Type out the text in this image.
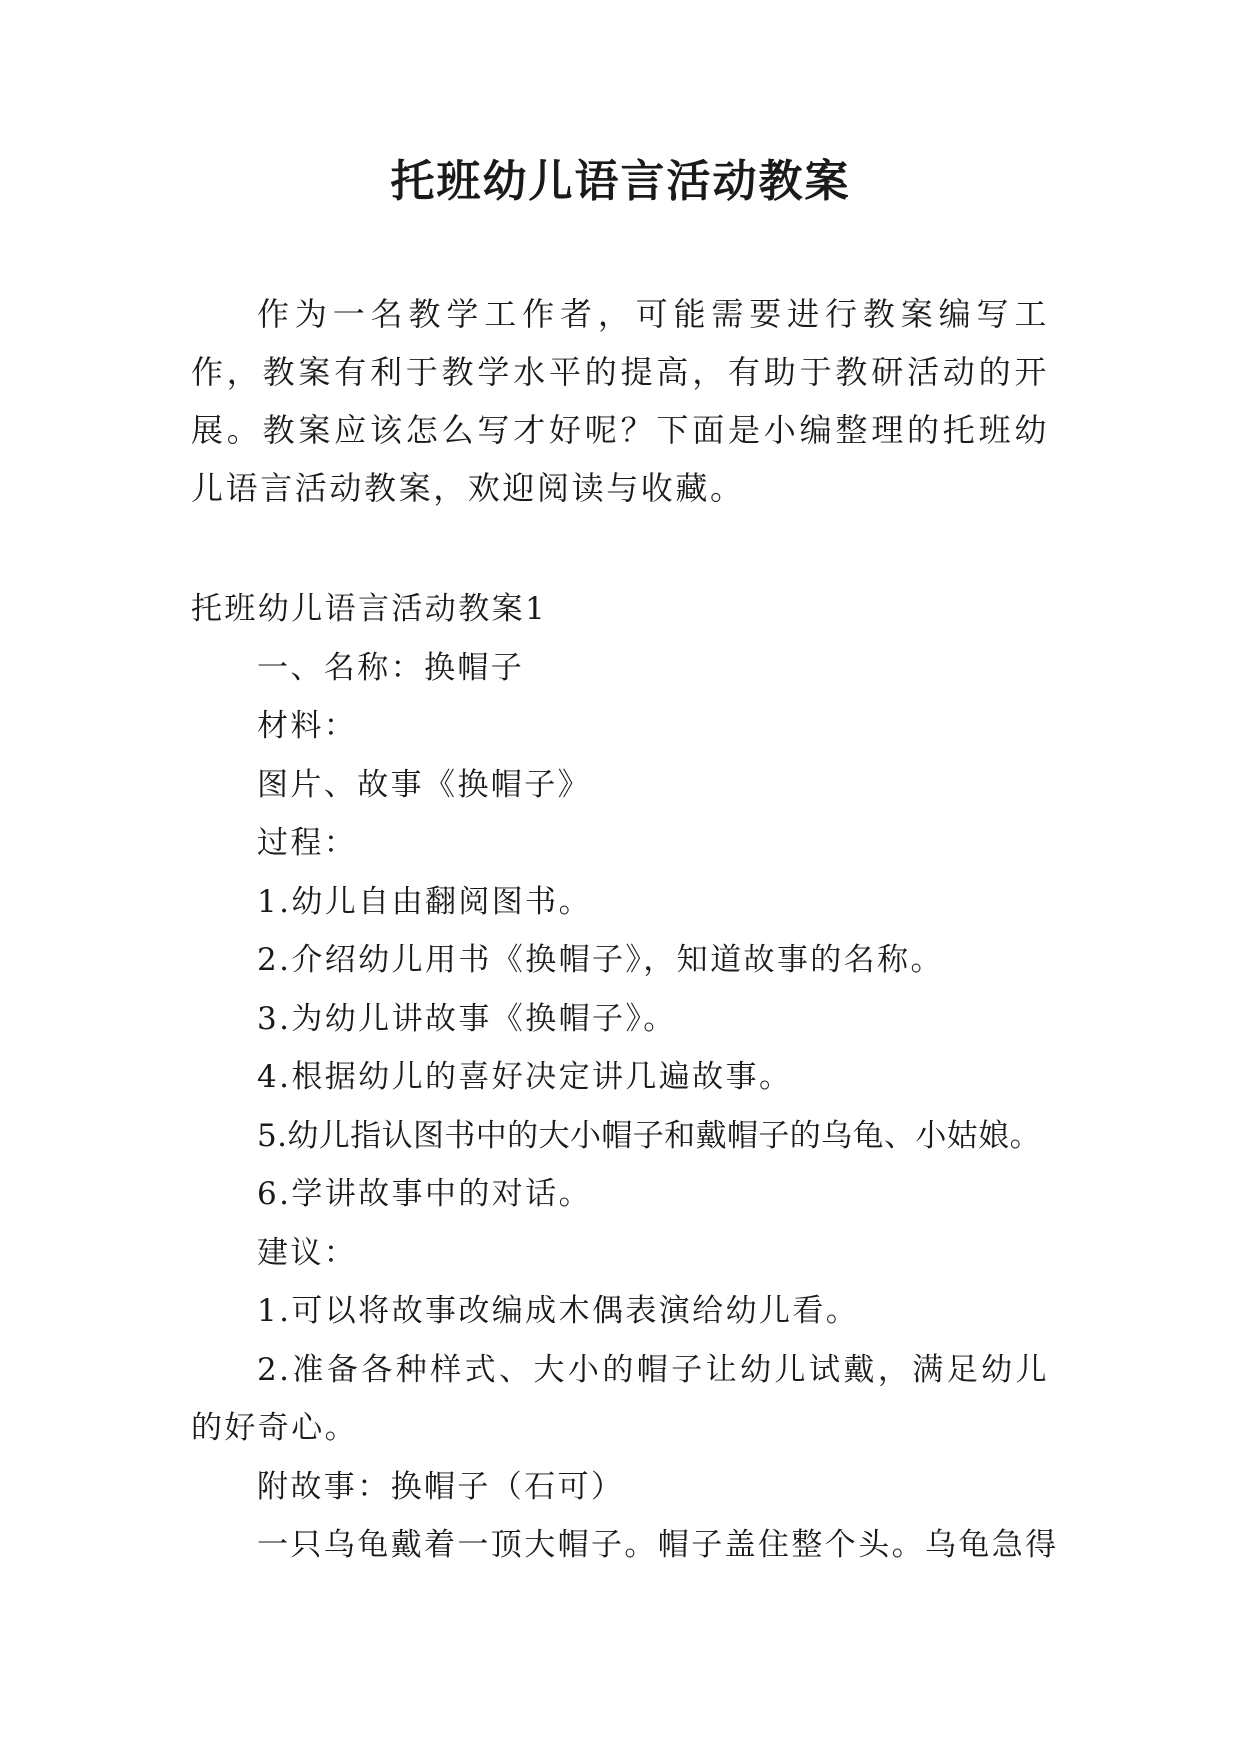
托班幼儿语言活动教案

作为一名教学工作者，可能需要进行教案编写工作，教案有利于教学水平的提高，有助于教研活动的开展。教案应该怎么写才好呢？下面是小编整理的托班幼儿语言活动教案，欢迎阅读与收藏。

托班幼儿语言活动教案1

一、名称：换帽子

材料：

图片、故事《换帽子》

过程：

1.幼儿自由翻阅图书。

2.介绍幼儿用书《换帽子》，知道故事的名称。

3.为幼儿讲故事《换帽子》。

4.根据幼儿的喜好决定讲几遍故事。

5.幼儿指认图书中的大小帽子和戴帽子的乌龟、小姑娘。

6.学讲故事中的对话。

建议：

1.可以将故事改编成木偶表演给幼儿看。

2.准备各种样式、大小的帽子让幼儿试戴，满足幼儿的好奇心。

附故事：换帽子（石可）

一只乌龟戴着一顶大帽子。帽子盖住整个头。乌龟急得
